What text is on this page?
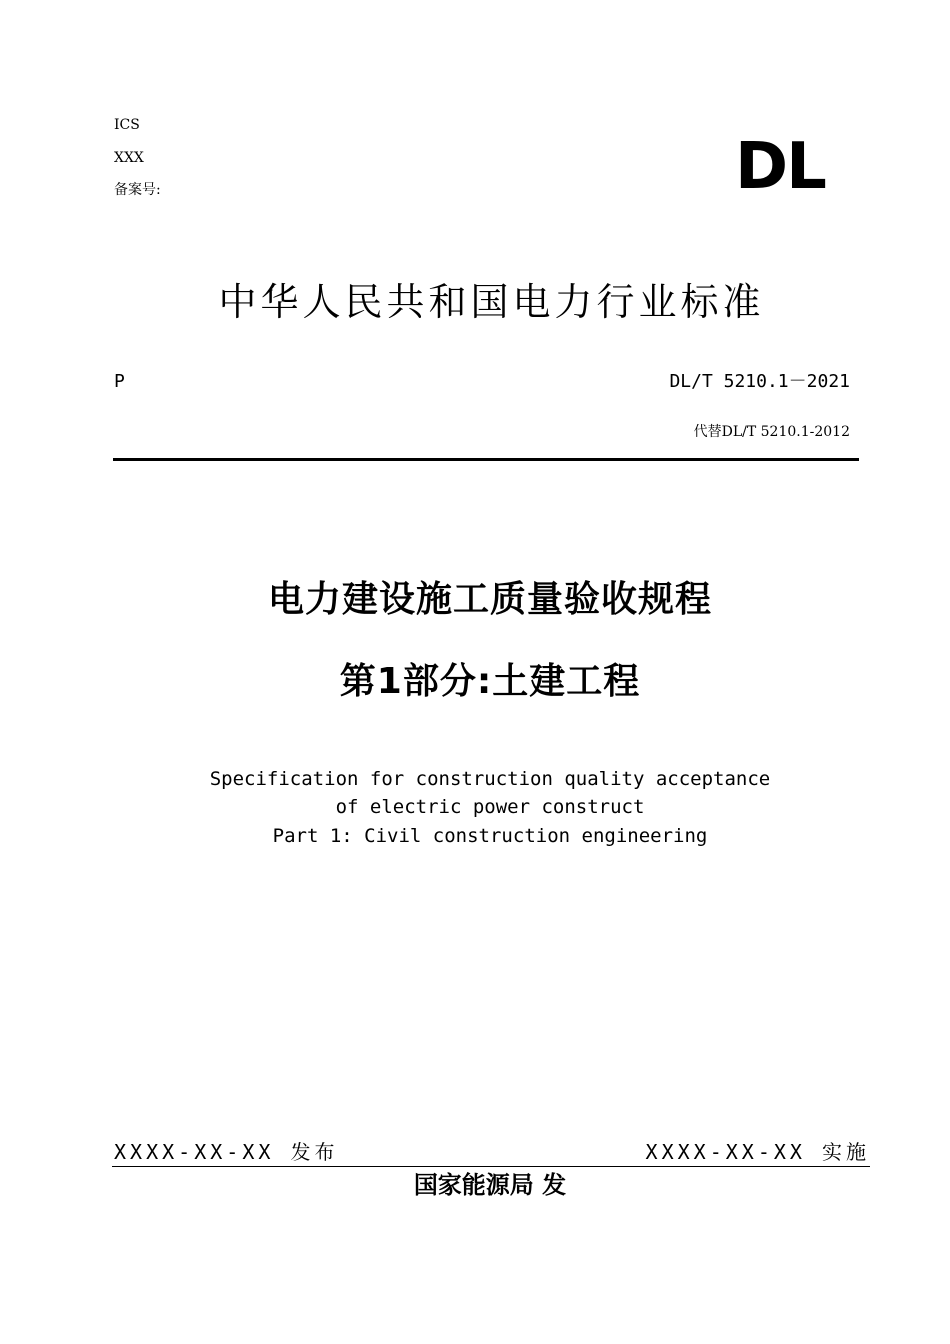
ICS
XXX
备案号:	DL
中华人民共和国电力行业标准
P	DL/T 5210.1－2021
代替DL/T 5210.1-2012
电力建设施工质量验收规程
第1部分:土建工程
Specification for construction quality acceptance
of electric power construct
Part 1: Civil construction engineering
XXXX-XX-XX 发布	XXXX-XX-XX 实施
国家能源局 发
